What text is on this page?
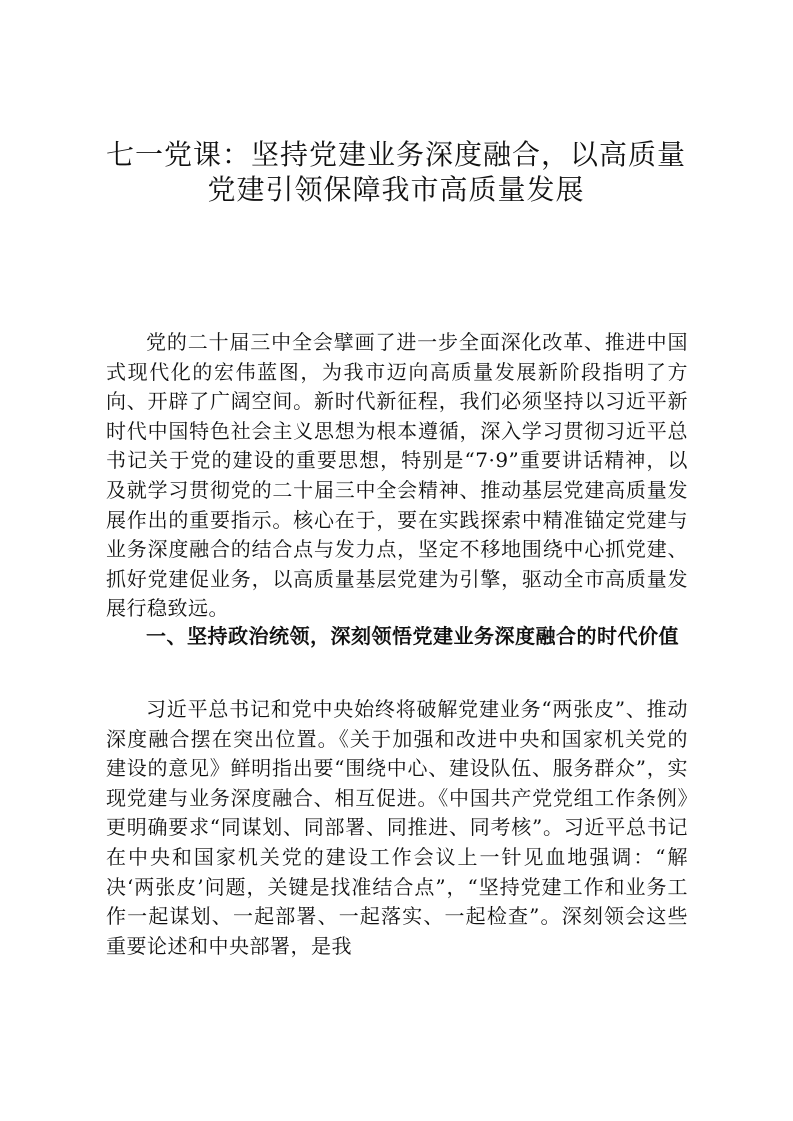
七一党课：坚持党建业务深度融合，以高质量
党建引领保障我市高质量发展

党的二十届三中全会擘画了进一步全面深化改革、推进中国式现代化的宏伟蓝图，为我市迈向高质量发展新阶段指明了方向、开辟了广阔空间。新时代新征程，我们必须坚持以习近平新时代中国特色社会主义思想为根本遵循，深入学习贯彻习近平总书记关于党的建设的重要思想，特别是“7·9”重要讲话精神，以及就学习贯彻党的二十届三中全会精神、推动基层党建高质量发展作出的重要指示。核心在于，要在实践探索中精准锚定党建与业务深度融合的结合点与发力点，坚定不移地围绕中心抓党建、抓好党建促业务，以高质量基层党建为引擎，驱动全市高质量发展行稳致远。

一、坚持政治统领，深刻领悟党建业务深度融合的时代价值

习近平总书记和党中央始终将破解党建业务“两张皮”、推动深度融合摆在突出位置。《关于加强和改进中央和国家机关党的建设的意见》鲜明指出要“围绕中心、建设队伍、服务群众”，实现党建与业务深度融合、相互促进。《中国共产党党组工作条例》更明确要求“同谋划、同部署、同推进、同考核”。习近平总书记在中央和国家机关党的建设工作会议上一针见血地强调：“解决‘两张皮’问题，关键是找准结合点”，“坚持党建工作和业务工作一起谋划、一起部署、一起落实、一起检查”。深刻领会这些重要论述和中央部署，是我
